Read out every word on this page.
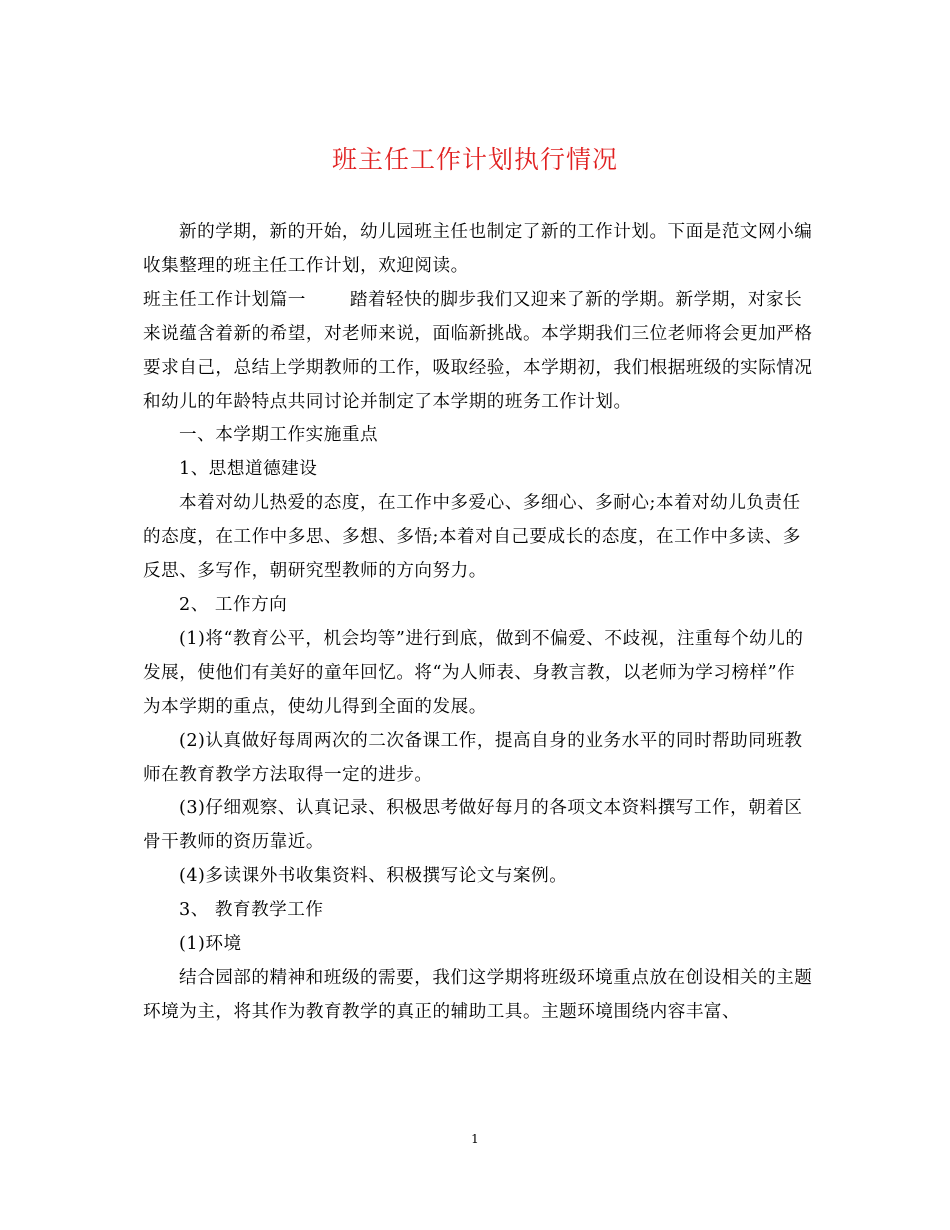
班主任工作计划执行情况

新的学期，新的开始，幼儿园班主任也制定了新的工作计划。下面是范文网小编收集整理的班主任工作计划，欢迎阅读。

班主任工作计划篇一	踏着轻快的脚步我们又迎来了新的学期。新学期，对家长来说蕴含着新的希望，对老师来说，面临新挑战。本学期我们三位老师将会更加严格要求自己，总结上学期教师的工作，吸取经验，本学期初，我们根据班级的实际情况和幼儿的年龄特点共同讨论并制定了本学期的班务工作计划。

一、本学期工作实施重点

1、思想道德建设

本着对幼儿热爱的态度，在工作中多爱心、多细心、多耐心;本着对幼儿负责任的态度，在工作中多思、多想、多悟;本着对自己要成长的态度，在工作中多读、多反思、多写作，朝研究型教师的方向努力。

2、 工作方向

(1)将“教育公平，机会均等”进行到底，做到不偏爱、不歧视，注重每个幼儿的发展，使他们有美好的童年回忆。将“为人师表、身教言教，以老师为学习榜样”作为本学期的重点，使幼儿得到全面的发展。

(2)认真做好每周两次的二次备课工作，提高自身的业务水平的同时帮助同班教师在教育教学方法取得一定的进步。

(3)仔细观察、认真记录、积极思考做好每月的各项文本资料撰写工作，朝着区骨干教师的资历靠近。

(4)多读课外书收集资料、积极撰写论文与案例。

3、 教育教学工作

(1)环境

结合园部的精神和班级的需要，我们这学期将班级环境重点放在创设相关的主题环境为主，将其作为教育教学的真正的辅助工具。主题环境围绕内容丰富、

1
